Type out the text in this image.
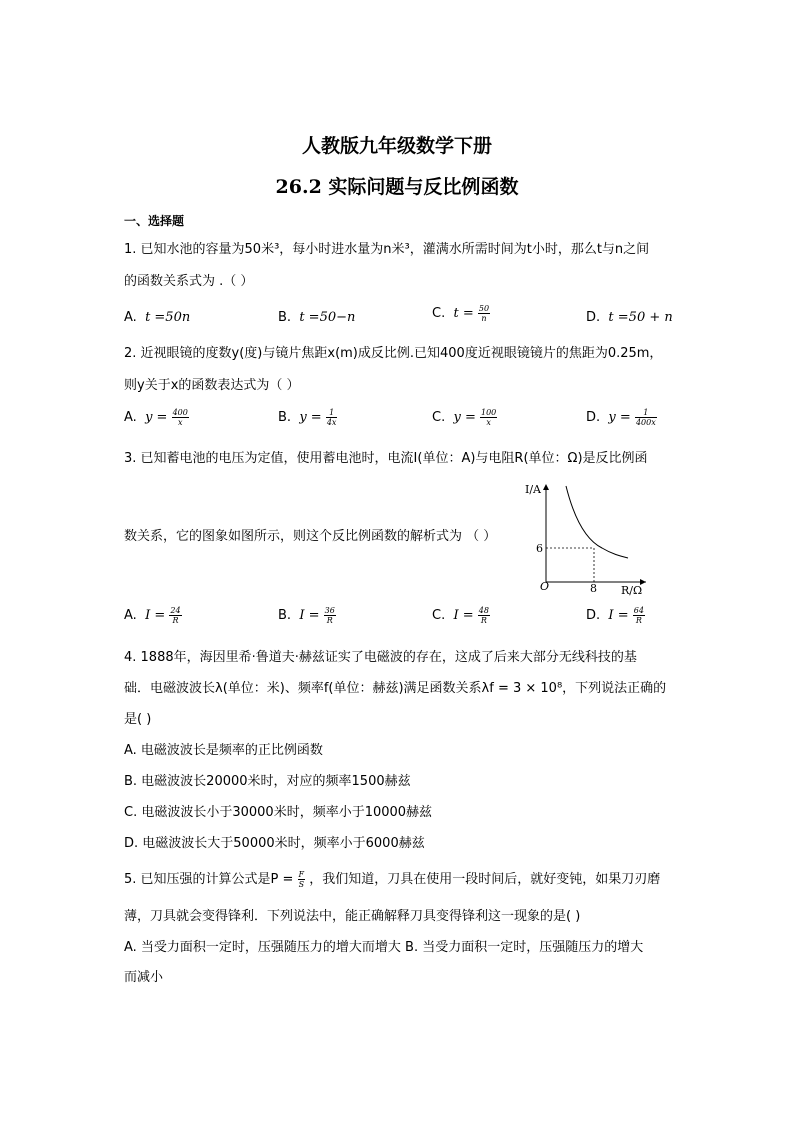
人教版九年级数学下册
26.2 实际问题与反比例函数
一、选择题
1. 已知水池的容量为50米³，每小时进水量为n米³，灌满水所需时间为t小时，那么t与n之间
的函数关系式为 .（ ）
A. t =50n	B. t =50−n	C. $t = \frac{50}{n}$	D. t =50 + n
2. 近视眼镜的度数y(度)与镜片焦距x(m)成反比例.已知400度近视眼镜镜片的焦距为0.25m，
则y关于x的函数表达式为（ ）
A. $y = \frac{400}{x}$	B. $y = \frac{1}{4x}$	C. $y = \frac{100}{x}$	D. $y = \frac{1}{400x}$
3. 已知蓄电池的电压为定值，使用蓄电池时，电流I(单位：A)与电阻R(单位：Ω)是反比例函
数关系，它的图象如图所示，则这个反比例函数的解析式为 （ ）
I/A
R/Ω
O
6
8
A. $I = \frac{24}{R}$	B. $I = \frac{36}{R}$	C. $I = \frac{48}{R}$	D. $I = \frac{64}{R}$
4. 1888年，海因里希·鲁道夫·赫兹证实了电磁波的存在，这成了后来大部分无线科技的基
础．电磁波波长λ(单位：米)、频率f(单位：赫兹)满足函数关系λf = 3 × 10⁸，下列说法正确的
是( )
A. 电磁波波长是频率的正比例函数
B. 电磁波波长20000米时，对应的频率1500赫兹
C. 电磁波波长小于30000米时，频率小于10000赫兹
D. 电磁波波长大于50000米时，频率小于6000赫兹
5. 已知压强的计算公式是$P = \frac{F}{S}$ ，我们知道，刀具在使用一段时间后，就好变钝，如果刀刃磨
薄，刀具就会变得锋利．下列说法中，能正确解释刀具变得锋利这一现象的是( )
A. 当受力面积一定时，压强随压力的增大而增大 B. 当受力面积一定时，压强随压力的增大
而减小
